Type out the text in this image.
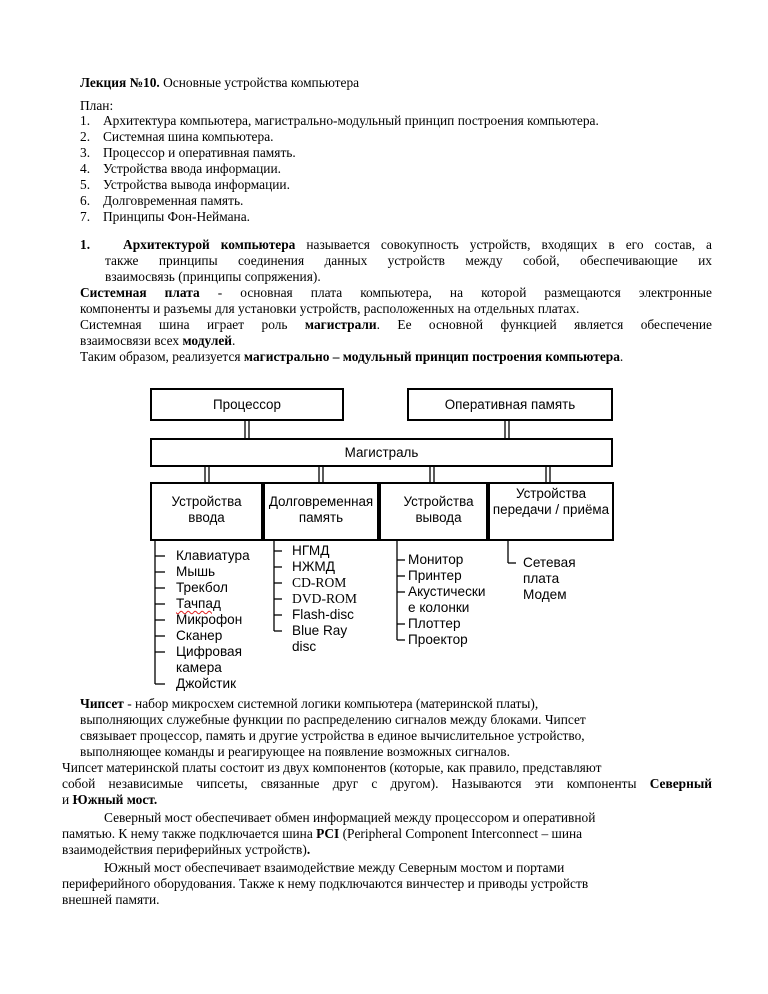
Лекция №10. Основные устройства компьютера
План:
1. Архитектура компьютера, магистрально-модульный принцип построения компьютера.
2. Системная шина компьютера.
3. Процессор и оперативная память.
4. Устройства ввода информации.
5. Устройства вывода информации.
6. Долговременная память.
7. Принципы Фон-Неймана.
1. Архитектурой компьютера называется совокупность устройств, входящих в его состав, а
также принципы соединения данных устройств между собой, обеспечивающие их
взаимосвязь (принципы сопряжения).
Системная плата - основная плата компьютера, на которой размещаются электронные
компоненты и разъемы для установки устройств, расположенных на отдельных платах.
Системная шина играет роль магистрали. Ее основной функцией является обеспечение
взаимосвязи всех модулей.
Таким образом, реализуется магистрально – модульный принцип построения компьютера.
Процессор	Оперативная память
Магистраль
Устройства
ввода
Долговременная
память
Устройства
вывода
Устройства
передачи / приёма
Клавиатура
Мышь
Трекбол
Тачпад
Микрофон
Сканер
Цифровая
камера
Джойстик
НГМД
НЖМД
CD-ROM
DVD-ROM
Flash-disc
Blue Ray
disc
Монитор
Принтер
Акустически
е колонки
Плоттер
Проектор
Сетевая
плата
Модем
Чипсет - набор микросхем системной логики компьютера (материнской платы),
выполняющих служебные функции по распределению сигналов между блоками. Чипсет
связывает процессор, память и другие устройства в единое вычислительное устройство,
выполняющее команды и реагирующее на появление возможных сигналов.
Чипсет материнской платы состоит из двух компонентов (которые, как правило, представляют
собой независимые чипсеты, связанные друг с другом). Называются эти компоненты Северный
и Южный мост.
Северный мост обеспечивает обмен информацией между процессором и оперативной
памятью. К нему также подключается шина PCI (Peripheral Component Interconnect – шина
взаимодействия периферийных устройств).
Южный мост обеспечивает взаимодействие между Северным мостом и портами
периферийного оборудования. Также к нему подключаются винчестер и приводы устройств
внешней памяти.
